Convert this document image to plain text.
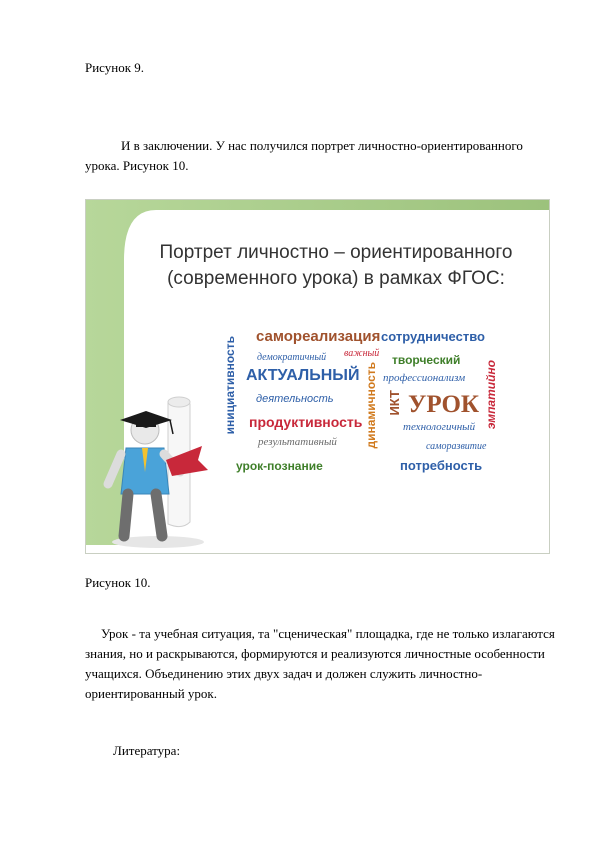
Рисунок 9.
И в заключении. У нас получился портрет личностно-ориентированного урока. Рисунок 10.
Портрет личностно – ориентированного
(современного урока) в рамках ФГОС:
самореализация сотрудничество
демократичный важный творческий
АКТУАЛЬНЫЙ профессионализм
деятельность	ИКТ УРОК
продуктивность	технологичный
результативный	саморазвитие
урок-познание	потребность
инициативность	динамичность	эмпатийно
Рисунок 10.
Урок - та учебная ситуация, та "сценическая" площадка, где не только излагаются знания, но и раскрываются, формируются и реализуются личностные особенности учащихся. Объединению этих двух задач и должен служить личностно-ориентированный урок.
Литература:
